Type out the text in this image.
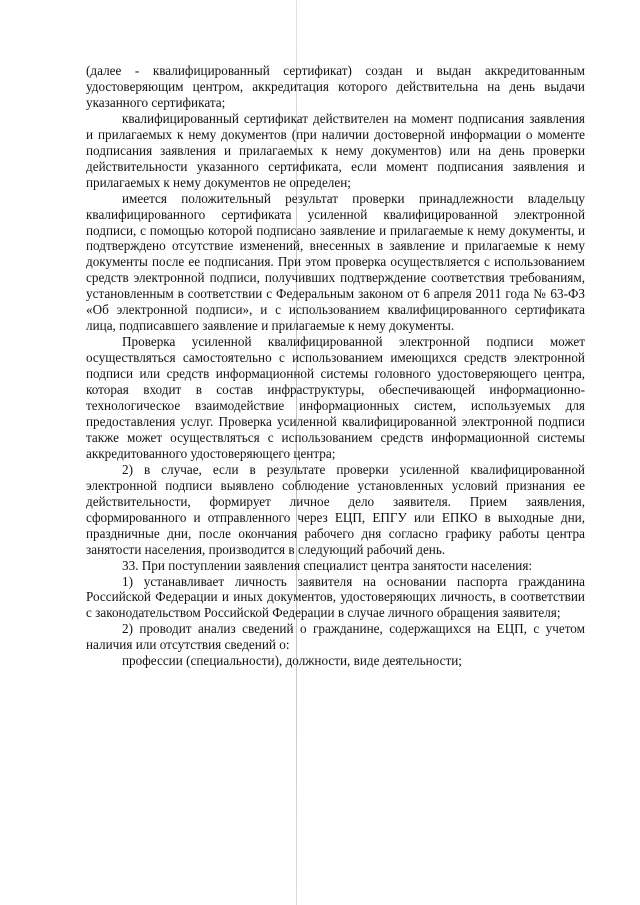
(далее - квалифицированный сертификат) создан и выдан аккредитованным удостоверяющим центром, аккредитация которого действительна на день выдачи указанного сертификата;

квалифицированный сертификат действителен на момент подписания заявления и прилагаемых к нему документов (при наличии достоверной информации о моменте подписания заявления и прилагаемых к нему документов) или на день проверки действительности указанного сертификата, если момент подписания заявления и прилагаемых к нему документов не определен;

имеется положительный результат проверки принадлежности владельцу квалифицированного сертификата усиленной квалифицированной электронной подписи, с помощью которой подписано заявление и прилагаемые к нему документы, и подтверждено отсутствие изменений, внесенных в заявление и прилагаемые к нему документы после ее подписания. При этом проверка осуществляется с использованием средств электронной подписи, получивших подтверждение соответствия требованиям, установленным в соответствии с Федеральным законом от 6 апреля 2011 года № 63-ФЗ «Об электронной подписи», и с использованием квалифицированного сертификата лица, подписавшего заявление и прилагаемые к нему документы.

Проверка усиленной квалифицированной электронной подписи может осуществляться самостоятельно с использованием имеющихся средств электронной подписи или средств информационной системы головного удостоверяющего центра, которая входит в состав инфраструктуры, обеспечивающей информационно-технологическое взаимодействие информационных систем, используемых для предоставления услуг. Проверка усиленной квалифицированной электронной подписи также может осуществляться с использованием средств информационной системы аккредитованного удостоверяющего центра;

2) в случае, если в результате проверки усиленной квалифицированной электронной подписи выявлено соблюдение установленных условий признания ее действительности, формирует личное дело заявителя. Прием заявления, сформированного и отправленного через ЕЦП, ЕПГУ или ЕПКО в выходные дни, праздничные дни, после окончания рабочего дня согласно графику работы центра занятости населения, производится в следующий рабочий день.

33. При поступлении заявления специалист центра занятости населения:

1) устанавливает личность заявителя на основании паспорта гражданина Российской Федерации и иных документов, удостоверяющих личность, в соответствии с законодательством Российской Федерации в случае личного обращения заявителя;

2) проводит анализ сведений о гражданине, содержащихся на ЕЦП, с учетом наличия или отсутствия сведений о:

профессии (специальности), должности, виде деятельности;
